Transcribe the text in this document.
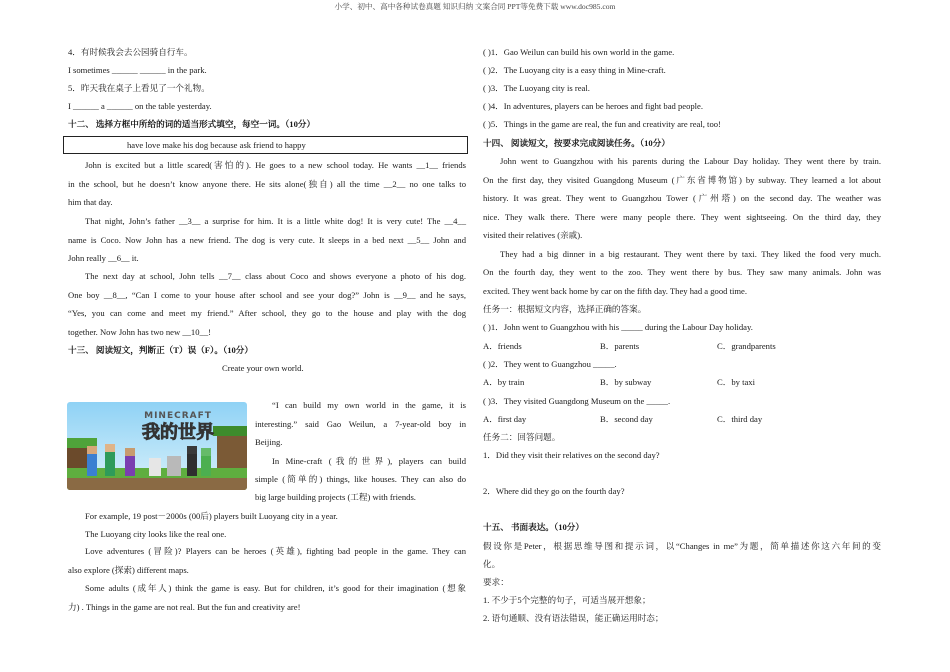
小学、初中、高中各种试卷真题 知识归纳 文案合同 PPT等免费下载 www.doc985.com
4．有时候我会去公园骑自行车。
I sometimes ______ ______ in the park.
5．昨天我在桌子上看见了一个礼物。
I ______ a ______ on the table yesterday.
十二、 选择方框中所给的词的适当形式填空，每空一词。（10分）
John is excited but a little scared(害怕的). He goes to a new school today. He wants __1__ friends
in the school, but he doesn’t know anyone there. He sits alone(独自) all the time __2__ no one talks to
him that day.
That night, John’s father __3__ a surprise for him. It is a little white dog! It is very cute! The __4__
name is Coco. Now John has a new friend. The dog is very cute. It sleeps in a bed next __5__ John and
John really __6__ it.
The next day at school, John tells __7__ class about Coco and shows everyone a photo of his dog.
One boy __8__, “Can I come to your house after school and see your dog?” John is __9__ and he says,
“Yes, you can come and meet my friend.” After school, they go to the house and play with the dog
together. Now John has two new __10__!
十三、 阅读短文，判断正（T）误（F）。（10分）
Create your own world.
“I can build my own world in the game, it is
interesting.” said Gao Weilun, a 7-year-old boy in
Beijing.
In Mine-craft (我的世界), players can build
simple (简单的) things, like houses. They can also do
big large building projects (工程) with friends.
For example, 19 post－2000s (00后) players built Luoyang city in a year.
The Luoyang city looks like the real one.
Love adventures (冒险)? Players can be heroes (英雄), fighting bad people in the game. They can
also explore (探索) different maps.
Some adults (成年人) think the game is easy. But for children, it’s good for their imagination (想象
力) . Things in the game are not real. But the fun and creativity are!
have love make his dog because ask friend to happy
MINECRAFT
我的世界
( )1．Gao Weilun can build his own world in the game.
( )2．The Luoyang city is a easy thing in Mine-craft.
( )3．The Luoyang city is real.
( )4．In adventures, players can be heroes and fight bad people.
( )5．Things in the game are real, the fun and creativity are real, too!
十四、 阅读短文，按要求完成阅读任务。（10分）
John went to Guangzhou with his parents during the Labour Day holiday. They went there by train.
On the first day, they visited Guangdong Museum (广东省博物馆) by subway. They learned a lot about
history. It was great. They went to Guangzhou Tower (广州塔) on the second day. The weather was
nice. They walk there. There were many people there. They went sightseeing. On the third day, they
visited their relatives (亲戚).
They had a big dinner in a big restaurant. They went there by taxi. They liked the food very much.
On the fourth day, they went to the zoo. They went there by bus. They saw many animals. John was
excited. They went back home by car on the fifth day. They had a good time.
任务一：根据短文内容，选择正确的答案。
( )1．John went to Guangzhou with his _____ during the Labour Day holiday.
A．friends	B．parents	C．grandparents
( )2．They went to Guangzhou _____.
A．by train	B．by subway	C．by taxi
( )3．They visited Guangdong Museum on the _____.
A．first day	B．second day	C．third day
任务二：回答问题。
1．Did they visit their relatives on the second day?
2．Where did they go on the fourth day?
十五、 书面表达。（10分）
假设你是Peter，根据思维导图和提示词，以“Changes in me”为题，简单描述你这六年间的变
化。
要求：
1. 不少于5个完整的句子，可适当展开想象；
2. 语句通顺、没有语法错误，能正确运用时态；
